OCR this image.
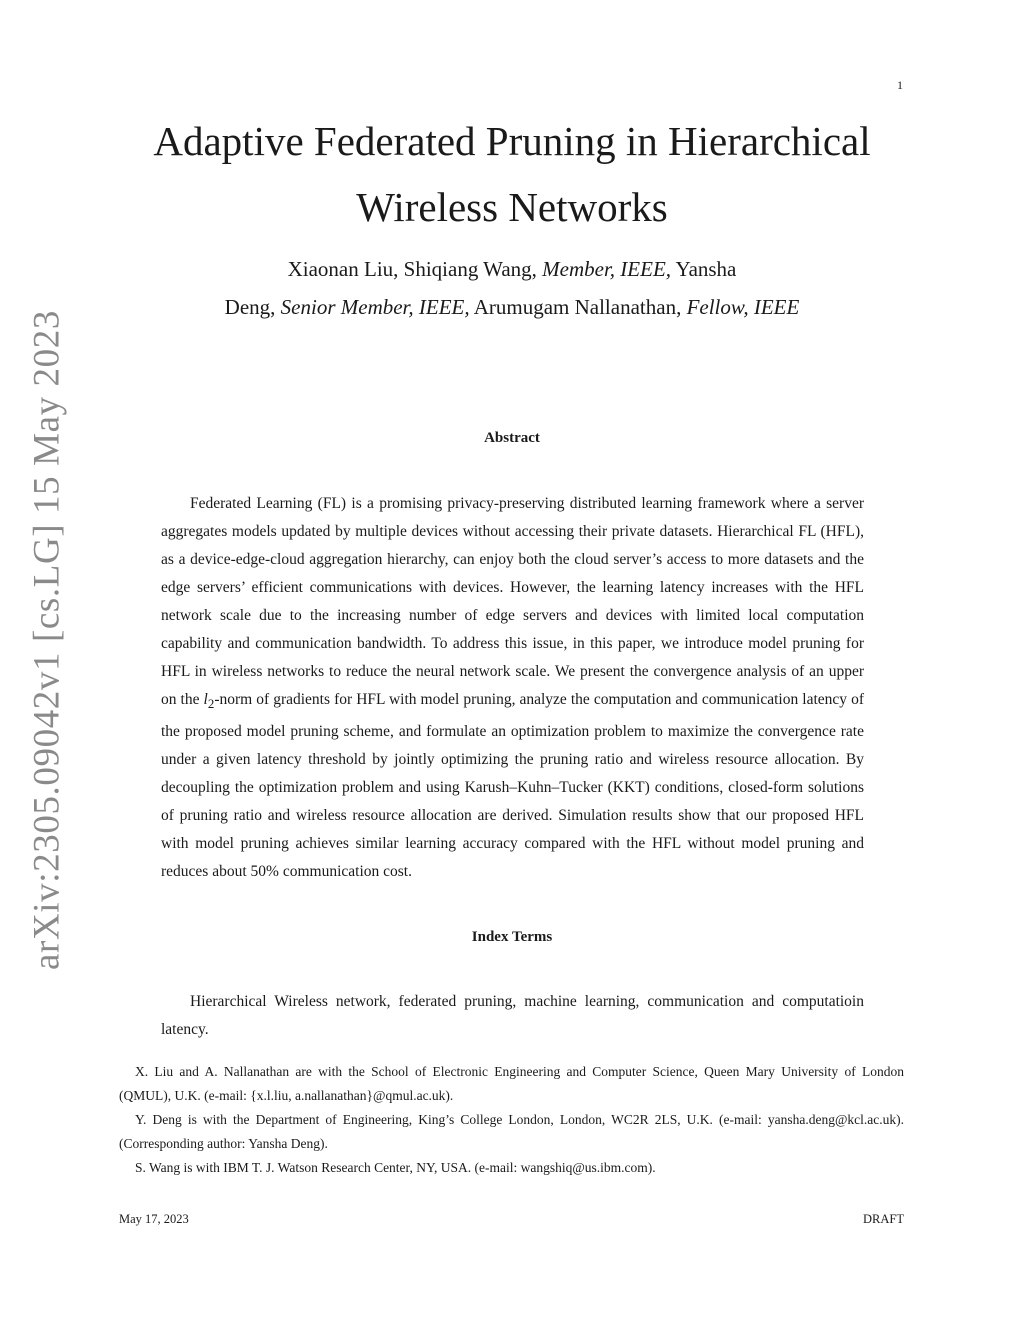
1
arXiv:2305.09042v1 [cs.LG] 15 May 2023
Adaptive Federated Pruning in Hierarchical
Wireless Networks
Xiaonan Liu, Shiqiang Wang, Member, IEEE, Yansha
Deng, Senior Member, IEEE, Arumugam Nallanathan, Fellow, IEEE
Abstract

Federated Learning (FL) is a promising privacy-preserving distributed learning framework where a server aggregates models updated by multiple devices without accessing their private datasets. Hierarchical FL (HFL), as a device-edge-cloud aggregation hierarchy, can enjoy both the cloud server’s access to more datasets and the edge servers’ efficient communications with devices. However, the learning latency increases with the HFL network scale due to the increasing number of edge servers and devices with limited local computation capability and communication bandwidth. To address this issue, in this paper, we introduce model pruning for HFL in wireless networks to reduce the neural network scale. We present the convergence analysis of an upper on the $l_2$-norm of gradients for HFL with model pruning, analyze the computation and communication latency of the proposed model pruning scheme, and formulate an optimization problem to maximize the convergence rate under a given latency threshold by jointly optimizing the pruning ratio and wireless resource allocation. By decoupling the optimization problem and using Karush–Kuhn–Tucker (KKT) conditions, closed-form solutions of pruning ratio and wireless resource allocation are derived. Simulation results show that our proposed HFL with model pruning achieves similar learning accuracy compared with the HFL without model pruning and reduces about 50% communication cost.

Index Terms

Hierarchical Wireless network, federated pruning, machine learning, communication and computatioin latency.

X. Liu and A. Nallanathan are with the School of Electronic Engineering and Computer Science, Queen Mary University of London (QMUL), U.K. (e-mail: {x.l.liu, a.nallanathan}@qmul.ac.uk).

Y. Deng is with the Department of Engineering, King’s College London, London, WC2R 2LS, U.K. (e-mail: yansha.deng@kcl.ac.uk). (Corresponding author: Yansha Deng).

S. Wang is with IBM T. J. Watson Research Center, NY, USA. (e-mail: wangshiq@us.ibm.com).

May 17, 2023	DRAFT
